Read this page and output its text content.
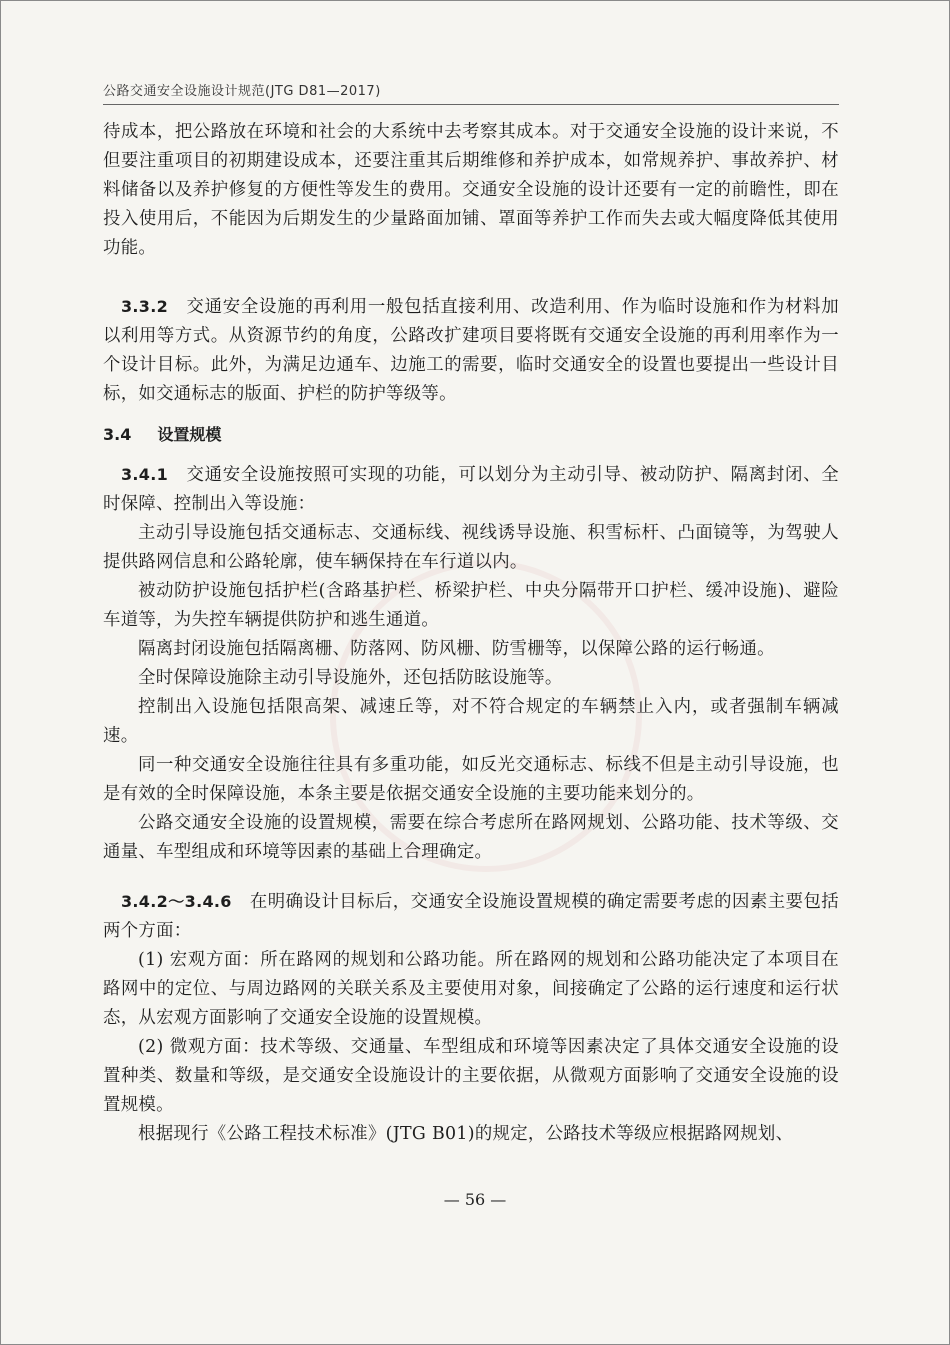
公路交通安全设施设计规范(JTG D81—2017)

待成本，把公路放在环境和社会的大系统中去考察其成本。对于交通安全设施的设计来说，不但要注重项目的初期建设成本，还要注重其后期维修和养护成本，如常规养护、事故养护、材料储备以及养护修复的方便性等发生的费用。交通安全设施的设计还要有一定的前瞻性，即在投入使用后，不能因为后期发生的少量路面加铺、罩面等养护工作而失去或大幅度降低其使用功能。

3.3.2 交通安全设施的再利用一般包括直接利用、改造利用、作为临时设施和作为材料加以利用等方式。从资源节约的角度，公路改扩建项目要将既有交通安全设施的再利用率作为一个设计目标。此外，为满足边通车、边施工的需要，临时交通安全的设置也要提出一些设计目标，如交通标志的版面、护栏的防护等级等。

3.4 设置规模

3.4.1 交通安全设施按照可实现的功能，可以划分为主动引导、被动防护、隔离封闭、全时保障、控制出入等设施：

主动引导设施包括交通标志、交通标线、视线诱导设施、积雪标杆、凸面镜等，为驾驶人提供路网信息和公路轮廓，使车辆保持在车行道以内。

被动防护设施包括护栏(含路基护栏、桥梁护栏、中央分隔带开口护栏、缓冲设施)、避险车道等，为失控车辆提供防护和逃生通道。

隔离封闭设施包括隔离栅、防落网、防风栅、防雪栅等，以保障公路的运行畅通。

全时保障设施除主动引导设施外，还包括防眩设施等。

控制出入设施包括限高架、减速丘等，对不符合规定的车辆禁止入内，或者强制车辆减速。

同一种交通安全设施往往具有多重功能，如反光交通标志、标线不但是主动引导设施，也是有效的全时保障设施，本条主要是依据交通安全设施的主要功能来划分的。

公路交通安全设施的设置规模，需要在综合考虑所在路网规划、公路功能、技术等级、交通量、车型组成和环境等因素的基础上合理确定。

3.4.2～3.4.6 在明确设计目标后，交通安全设施设置规模的确定需要考虑的因素主要包括两个方面：

(1) 宏观方面：所在路网的规划和公路功能。所在路网的规划和公路功能决定了本项目在路网中的定位、与周边路网的关联关系及主要使用对象，间接确定了公路的运行速度和运行状态，从宏观方面影响了交通安全设施的设置规模。

(2) 微观方面：技术等级、交通量、车型组成和环境等因素决定了具体交通安全设施的设置种类、数量和等级，是交通安全设施设计的主要依据，从微观方面影响了交通安全设施的设置规模。

根据现行《公路工程技术标准》(JTG B01)的规定，公路技术等级应根据路网规划、

— 56 —
